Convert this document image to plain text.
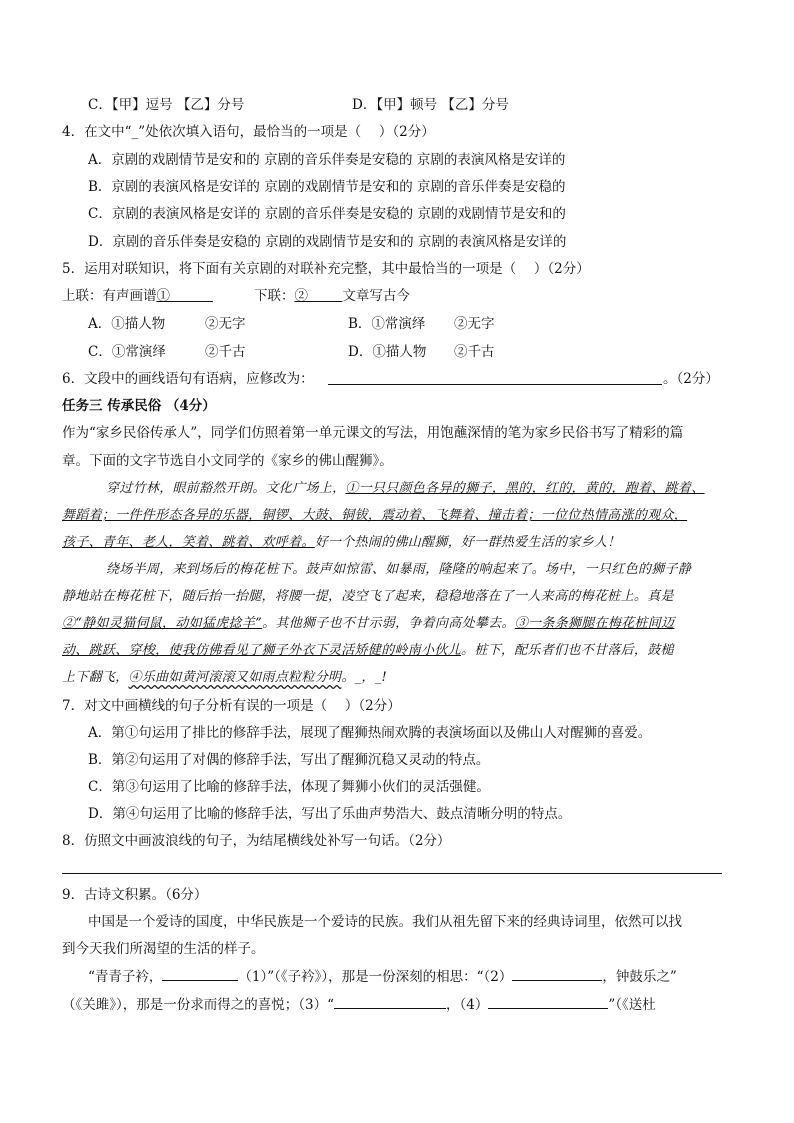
C．【甲】逗号 【乙】分号	D．【甲】顿号 【乙】分号
4．在文中“_”处依次填入语句，最恰当的一项是（　 ）（2分）
A．京剧的戏剧情节是安和的 京剧的音乐伴奏是安稳的 京剧的表演风格是安详的
B．京剧的表演风格是安详的 京剧的戏剧情节是安和的 京剧的音乐伴奏是安稳的
C．京剧的表演风格是安详的 京剧的音乐伴奏是安稳的 京剧的戏剧情节是安和的
D．京剧的音乐伴奏是安稳的 京剧的戏剧情节是安和的 京剧的表演风格是安详的
5．运用对联知识，将下面有关京剧的对联补充完整，其中最恰当的一项是（　 ）（2分）
上联：有声画谱①	下联：②	文章写古今
A．①描人物	②无字	B．①常演绎 ②无字
C．①常演绎	②千古	D．①描人物 ②千古
6．文段中的画线语句有语病，应修改为：	。（2分）
任务三 传承民俗 （4分）
作为“家乡民俗传承人”，同学们仿照着第一单元课文的写法，用饱蘸深情的笔为家乡民俗书写了精彩的篇
章。下面的文字节选自小文同学的《家乡的佛山醒狮》。
穿过竹林，眼前豁然开朗。文化广场上，①一只只颜色各异的狮子，黑的，红的，黄的，跑着、跳着、
舞蹈着；一件件形态各异的乐器，铜锣、大鼓、铜钹，震动着、飞舞着、撞击着；一位位热情高涨的观众，
孩子、青年、老人，笑着、跳着、欢呼着。好一个热闹的佛山醒狮，好一群热爱生活的家乡人！
绕场半周，来到场后的梅花桩下。鼓声如惊雷、如暴雨，隆隆的响起来了。场中，一只红色的狮子静
静地站在梅花桩下，随后抬一抬腿，将腰一提，凌空飞了起来，稳稳地落在了一人来高的梅花桩上。真是
②“静如灵猫伺鼠，动如猛虎捻羊”。其他狮子也不甘示弱，争着向高处攀去。③一条条狮腿在梅花桩间迈
动、跳跃、穿梭，使我仿佛看见了狮子外衣下灵活矫健的岭南小伙儿。桩下，配乐者们也不甘落后，鼓槌
上下翻飞，④乐曲如黄河滚滚又如雨点粒粒分明。_，_!
7．对文中画横线的句子分析有误的一项是（　 ）（2分）
A．第①句运用了排比的修辞手法，展现了醒狮热闹欢腾的表演场面以及佛山人对醒狮的喜爱。
B．第②句运用了对偶的修辞手法，写出了醒狮沉稳又灵动的特点。
C．第③句运用了比喻的修辞手法，体现了舞狮小伙们的灵活强健。
D．第④句运用了比喻的修辞手法，写出了乐曲声势浩大、鼓点清晰分明的特点。
8．仿照文中画波浪线的句子，为结尾横线处补写一句话。（2分）
9．古诗文积累。（6分）
中国是一个爱诗的国度，中华民族是一个爱诗的民族。我们从祖先留下来的经典诗词里，依然可以找
到今天我们所渴望的生活的样子。
“青青子衿，	（1）”（《子衿》），那是一份深刻的相思：“（2）	，钟鼓乐之”
（《关雎》），那是一份求而得之的喜悦；（3）“	，（4）	”（《送杜
